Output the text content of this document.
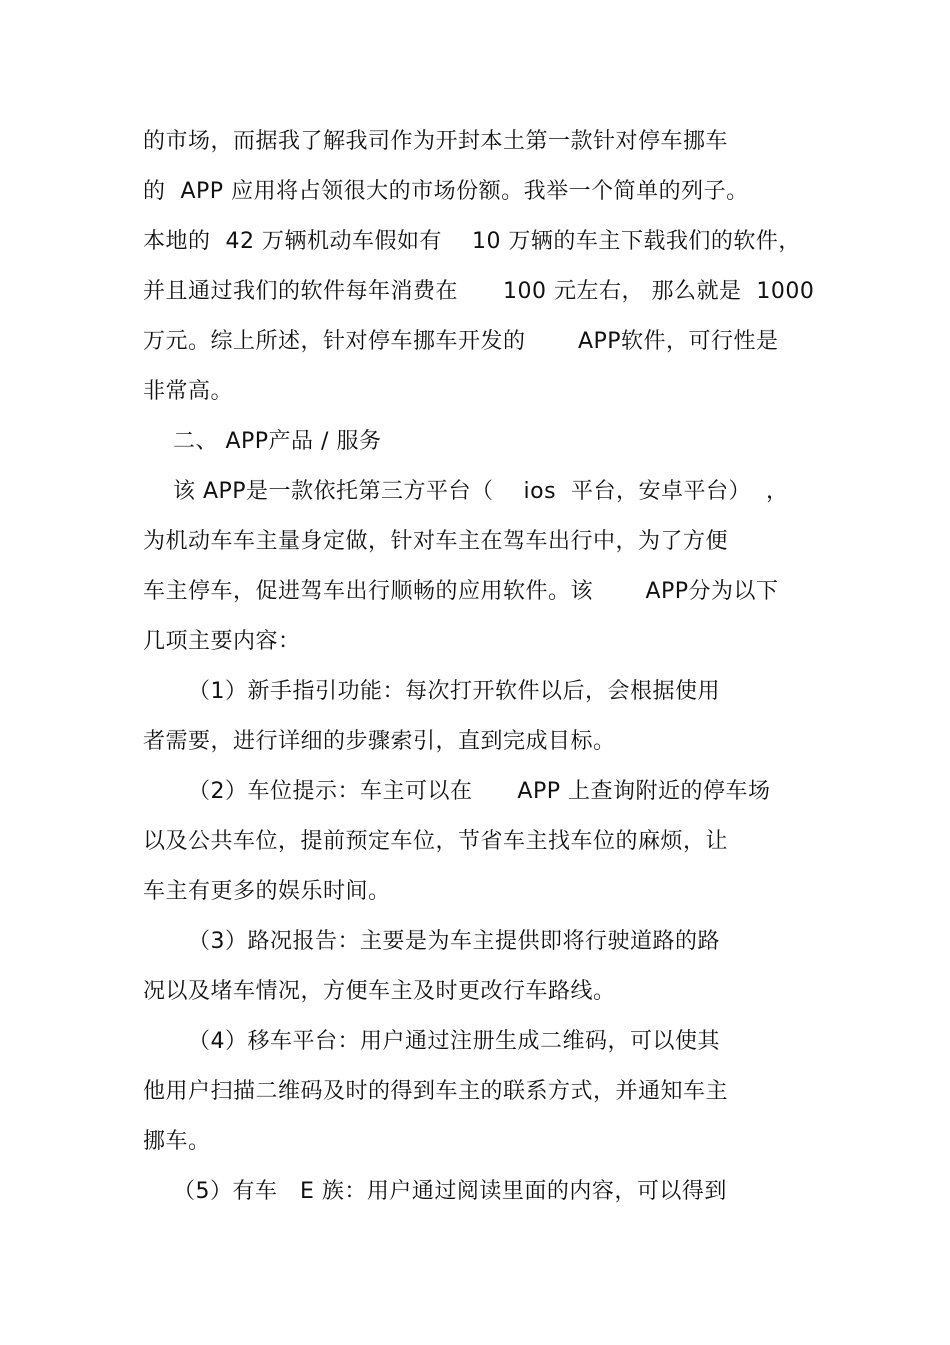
的市场，而据我了解我司作为开封本土第一款针对停车挪车
的  APP 应用将占领很大的市场份额。我举一个简单的列子。
本地的  42 万辆机动车假如有    10 万辆的车主下载我们的软件，
并且通过我们的软件每年消费在      100 元左右， 那么就是  1000
万元。综上所述，针对停车挪车开发的       APP软件，可行性是
非常高。
二、 APP产品 / 服务
该 APP是一款依托第三方平台（    ios  平台，安卓平台）  ，
为机动车车主量身定做，针对车主在驾车出行中，为了方便
车主停车，促进驾车出行顺畅的应用软件。该       APP分为以下
几项主要内容：
（1）新手指引功能：每次打开软件以后，会根据使用
者需要，进行详细的步骤索引，直到完成目标。
（2）车位提示：车主可以在      APP 上查询附近的停车场
以及公共车位，提前预定车位，节省车主找车位的麻烦，让
车主有更多的娱乐时间。
（3）路况报告：主要是为车主提供即将行驶道路的路
况以及堵车情况，方便车主及时更改行车路线。
（4）移车平台：用户通过注册生成二维码，可以使其
他用户扫描二维码及时的得到车主的联系方式，并通知车主
挪车。
（5）有车   E 族：用户通过阅读里面的内容，可以得到
